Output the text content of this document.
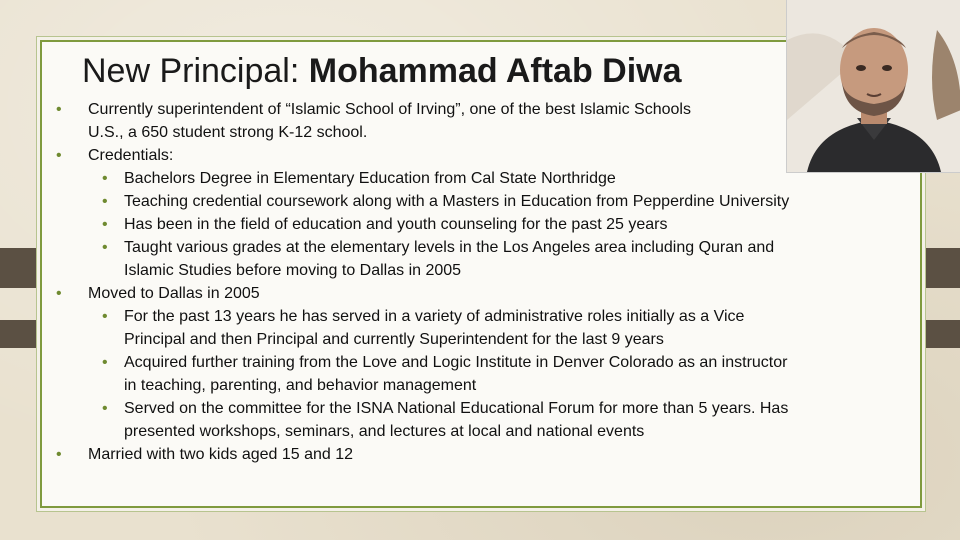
New Principal: Mohammad Aftab Diwa
• Currently superintendent of “Islamic School of Irving”, one of the best Islamic Schools
U.S., a 650 student strong K-12 school.
• Credentials:
• Bachelors Degree in Elementary Education from Cal State Northridge
• Teaching credential coursework along with a Masters in Education from Pepperdine University
• Has been in the field of education and youth counseling for the past 25 years
• Taught various grades at the elementary levels in the Los Angeles area including Quran and
Islamic Studies before moving to Dallas in 2005
• Moved to Dallas in 2005
• For the past 13 years he has served in a variety of administrative roles initially as a Vice
Principal and then Principal and currently Superintendent for the last 9 years
• Acquired further training from the Love and Logic Institute in Denver Colorado as an instructor
in teaching, parenting, and behavior management
• Served on the committee for the ISNA National Educational Forum for more than 5 years. Has
presented workshops, seminars, and lectures at local and national events
• Married with two kids aged 15 and 12
